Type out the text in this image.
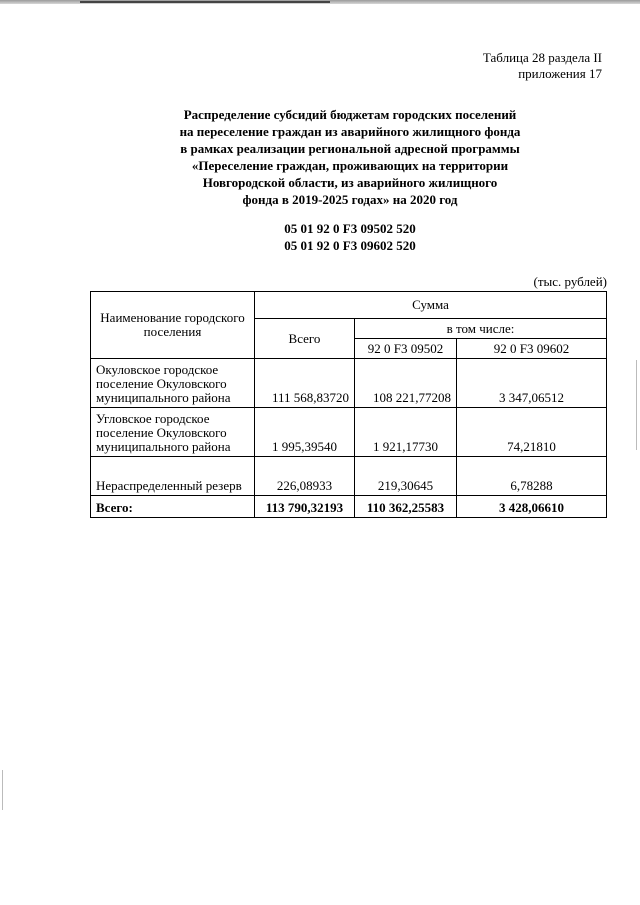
Таблица 28 раздела II
приложения 17
Распределение субсидий бюджетам городских поселений
на переселение граждан из аварийного жилищного фонда
в рамках реализации региональной адресной программы
«Переселение граждан, проживающих на территории
Новгородской области, из аварийного жилищного
фонда в 2019-2025 годах» на 2020 год
05 01 92 0 F3 09502 520
05 01 92 0 F3 09602 520
(тыс. рублей)
Наименование городского поселения	Сумма		
	Всего	в том числе:	
		92 0 F3 09502	92 0 F3 09602
Окуловское городское поселение Окуловского муниципального района	111 568,83720	108 221,77208	3 347,06512
Угловское городское поселение Окуловского муниципального района	1 995,39540	1 921,17730	74,21810
Нераспределенный резерв	226,08933	219,30645	6,78288
Всего:	113 790,32193	110 362,25583	3 428,06610
